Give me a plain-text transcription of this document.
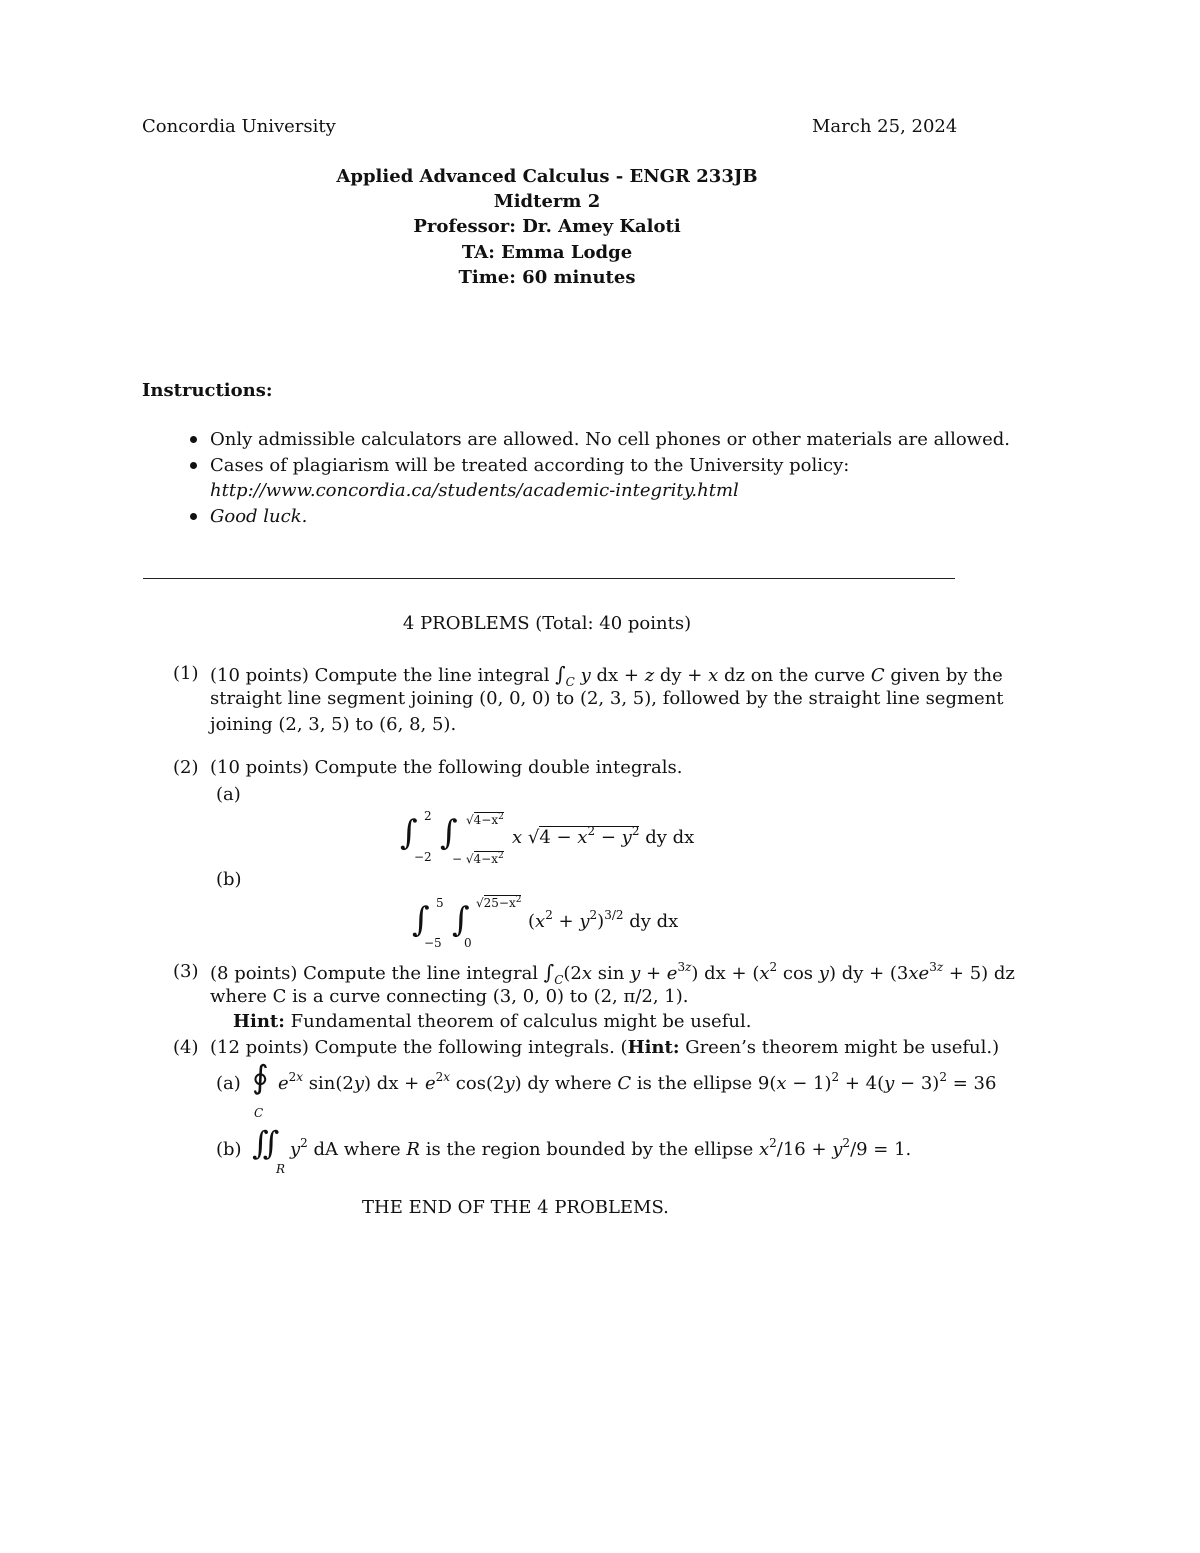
Concordia University	March 25, 2024
Applied Advanced Calculus - ENGR 233JB
Midterm 2
Professor: Dr. Amey Kaloti
TA: Emma Lodge
Time: 60 minutes
Instructions:
Only admissible calculators are allowed. No cell phones or other materials are allowed.
Cases of plagiarism will be treated according to the University policy:
http://www.concordia.ca/students/academic-integrity.html
Good luck.
4 PROBLEMS (Total: 40 points)
(1) (10 points) Compute the line integral $\int_C$ y dx + z dy + x dz on the curve C given by the
straight line segment joining (0, 0, 0) to (2, 3, 5), followed by the straight line segment
joining (2, 3, 5) to (6, 8, 5).
(2) (10 points) Compute the following double integrals.
(a)
∫ 2
−2
∫ $√4-x^2$
− $√4-x^2$
x $√4 - x^2 - y^2$ dy dx
(b)
∫ 5
−5
∫ $√25-x^2$
0
$(x^2 + y^2)^{3/2}$ dy dx
(3) (8 points) Compute the line integral $\int_C(2x$ $\sin y + e^{3z}$) dx + ($x^2$ cos y) dy + $(3xe^{3z} + 5)$ dz
where C is a curve connecting (3, 0, 0) to (2, π/2, 1).
Hint: Fundamental theorem of calculus might be useful.
(4) (12 points) Compute the following integrals. (Hint: Green’s theorem might be useful.)
(a) ∮
C
$e^{2x}$ sin(2y) dx + $e^{2x}$ cos(2y) dy where C is the ellipse $9(x - 1)^2 + 4(y - 3)^2 = 36$
(b) ∬
R
$y^2$ dA where R is the region bounded by the ellipse $x^2/16 + y^2/9 = 1$.
THE END OF THE 4 PROBLEMS.
